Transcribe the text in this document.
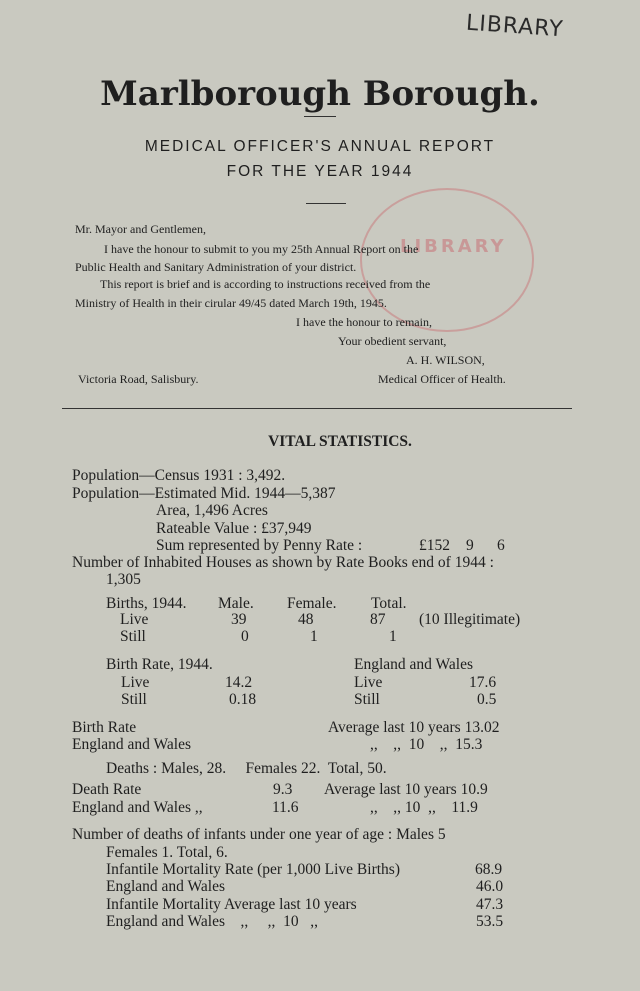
LIBRARY
Marlborough Borough.
MEDICAL OFFICER'S ANNUAL REPORT
FOR THE YEAR 1944
LIBRARY
Mr. Mayor and Gentlemen,
I have the honour to submit to you my 25th Annual Report on the
Public Health and Sanitary Administration of your district.
This report is brief and is according to instructions received from the
Ministry of Health in their cirular 49/45 dated March 19th, 1945.
I have the honour to remain,
Your obedient servant,
A. H. WILSON,
Victoria Road, Salisbury.	Medical Officer of Health.
VITAL STATISTICS.
Population—Census 1931 : 3,492.
Population—Estimated Mid. 1944—5,387
Area, 1,496 Acres
Rateable Value : £37,949
Sum represented by Penny Rate :	£152 9 6
Number of Inhabited Houses as shown by Rate Books end of 1944 :
1,305
Births, 1944. Male. Female. Total.
Live	39	48	87 (10 Illegitimate)
Still	0	1	1
Birth Rate, 1944.	England and Wales
Live	14.2	Live	17.6
Still	0.18	Still	0.5
Birth Rate	Average last 10 years 13.02
England and Wales	,,    ,,  10    ,,  15.3
Deaths : Males, 28.     Females 22.  Total, 50.
Death Rate	9.3 Average last 10 years 10.9
England and Wales ,,	11.6	,,    ,, 10  ,,    11.9
Number of deaths of infants under one year of age : Males 5
Females 1. Total, 6.
Infantile Mortality Rate (per 1,000 Live Births)	68.9
England and Wales	46.0
Infantile Mortality Average last 10 years	47.3
England and Wales    ,,     ,,  10   ,,	53.5
